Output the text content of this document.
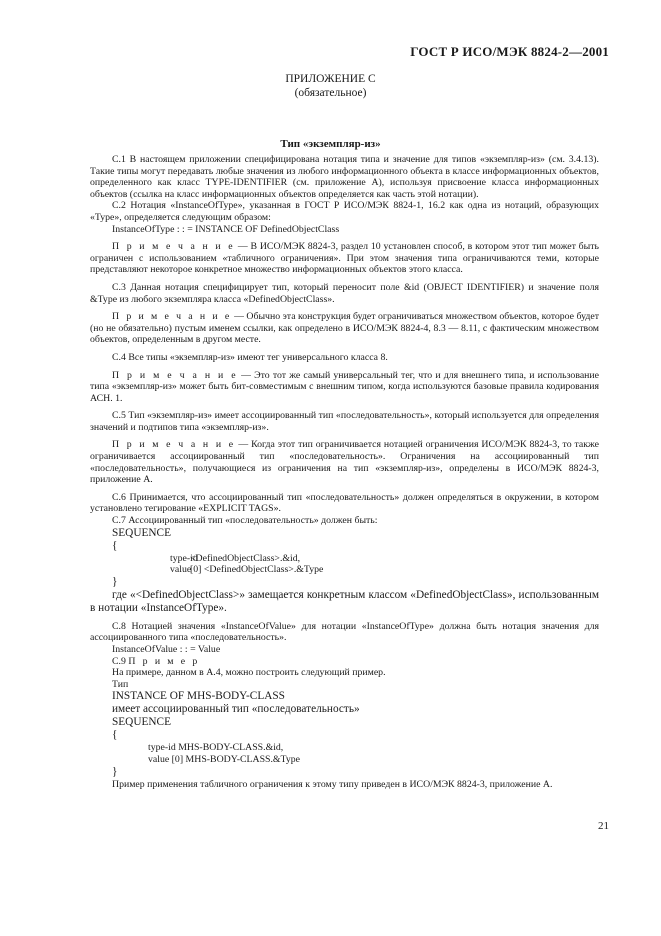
ГОСТ Р ИСО/МЭК 8824-2—2001
ПРИЛОЖЕНИЕ С
(обязательное)
Тип «экземпляр-из»

C.1 В настоящем приложении специфицирована нотация типа и значение для типов «экземпляр-из» (см. 3.4.13). Такие типы могут передавать любые значения из любого информационного объекта в классе информационных объектов, определенного как класс TYPE-IDENTIFIER (см. приложение А), используя присвоение класса информационных объектов (ссылка на класс информационных объектов определяется как часть этой нотации).

C.2 Нотация «InstanceOfType», указанная в ГОСТ Р ИСО/МЭК 8824-1, 16.2 как одна из нотаций, образующих «Type», определяется следующим образом:

InstanceOfType : : = INSTANCE OF DefinedObjectClass

П р и м е ч а н и е — В ИСО/МЭК 8824-3, раздел 10 установлен способ, в котором этот тип может быть ограничен с использованием «табличного ограничения». При этом значения типа ограничиваются теми, которые представляют некоторое конкретное множество информационных объектов этого класса.

C.3 Данная нотация специфицирует тип, который переносит поле &id (OBJECT IDENTIFIER) и значение поля &Type из любого экземпляра класса «DefinedObjectClass».

П р и м е ч а н и е — Обычно эта конструкция будет ограничиваться множеством объектов, которое будет (но не обязательно) пустым именем ссылки, как определено в ИСО/МЭК 8824-4, 8.3 — 8.11, с фактическим множеством объектов, определенным в другом месте.

C.4 Все типы «экземпляр-из» имеют тег универсального класса 8.

П р и м е ч а н и е — Это тот же самый универсальный тег, что и для внешнего типа, и использование типа «экземпляр-из» может быть бит-совместимым с внешним типом, когда используются базовые правила кодирования АСН. 1.

C.5 Тип «экземпляр-из» имеет ассоциированный тип «последовательность», который используется для определения значений и подтипов типа «экземпляр-из».

П р и м е ч а н и е — Когда этот тип ограничивается нотацией ограничения ИСО/МЭК 8824-3, то также ограничивается ассоциированный тип «последовательность». Ограничения на ассоциированный тип «последовательность», получающиеся из ограничения на тип «экземпляр-из», определены в ИСО/МЭК 8824-3, приложение А.

C.6 Принимается, что ассоциированный тип «последовательность» должен определяться в окружении, в котором установлено тегирование «EXPLICIT TAGS».

C.7 Ассоциированный тип «последовательность» должен быть:

SEQUENCE

{

type-id<DefinedObjectClass>.&id,

value[0] <DefinedObjectClass>.&Type

}

где «<DefinedObjectClass>» замещается конкретным классом «DefinedObjectClass», использованным в нотации «InstanceOfType».

C.8 Нотацией значения «InstanceOfValue» для нотации «InstanceOfType» должна быть нотация значения для ассоциированного типа «последовательность».

InstanceOfValue : : = Value

C.9 П р и м е р

На примере, данном в А.4, можно построить следующий пример.

Тип

INSTANCE OF MHS-BODY-CLASS

имеет ассоциированный тип «последовательность»

SEQUENCE

{

type-id MHS-BODY-CLASS.&id,

value [0] MHS-BODY-CLASS.&Type

}

Пример применения табличного ограничения к этому типу приведен в ИСО/МЭК 8824-3, приложение А.

21
